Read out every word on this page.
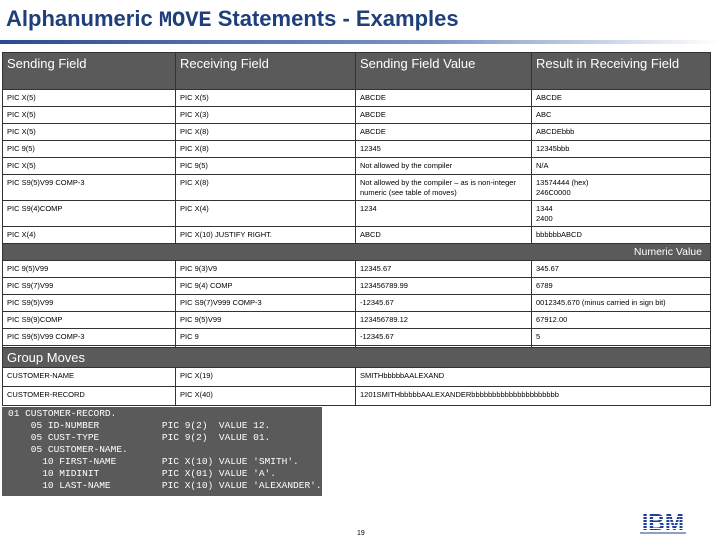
Alphanumeric MOVE Statements - Examples
Sending Field	Receiving Field	Sending Field Value	Result in Receiving Field
PIC X(5)	PIC X(5)	ABCDE	ABCDE
PIC X(5)	PIC X(3)	ABCDE	ABC
PIC X(5)	PIC X(8)	ABCDE	ABCDEbbb
PIC 9(5)	PIC X(8)	12345	12345bbb
PIC X(5)	PIC 9(5)	Not allowed by the compiler	N/A
PIC S9(5)V99 COMP-3	PIC X(8)	Not allowed by the compiler – as is non-integer numeric (see table of moves)	13574444 (hex)
246C0000
PIC S9(4)COMP	PIC X(4)	1234	1344
2400
PIC X(4)	PIC X(10) JUSTIFY RIGHT.	ABCD	bbbbbbABCD
Numeric Value			
PIC 9(5)V99	PIC 9(3)V9	12345.67	345.67
PIC S9(7)V99	PIC 9(4) COMP	123456789.99	6789
PIC S9(5)V99	PIC S9(7)V999 COMP-3	-12345.67	0012345.670 (minus carried in sign bit)
PIC S9(9)COMP	PIC 9(5)V99	123456789.12	67912.00
PIC S9(5)V99 COMP-3	PIC 9	-12345.67	5

Group Moves		
CUSTOMER-NAME	PIC X(19)	SMITHbbbbbAALEXAND
CUSTOMER-RECORD	PIC X(40)	1201SMITHbbbbbAALEXANDERbbbbbbbbbbbbbbbbbbbbb
01 CUSTOMER-RECORD.
05 ID-NUMBER           PIC 9(2)  VALUE 12.
05 CUST-TYPE           PIC 9(2)  VALUE 01.
05 CUSTOMER-NAME.
10 FIRST-NAME        PIC X(10) VALUE 'SMITH'.
10 MIDINIT           PIC X(01) VALUE 'A'.
10 LAST-NAME         PIC X(10) VALUE 'ALEXANDER'.
19	IBM
